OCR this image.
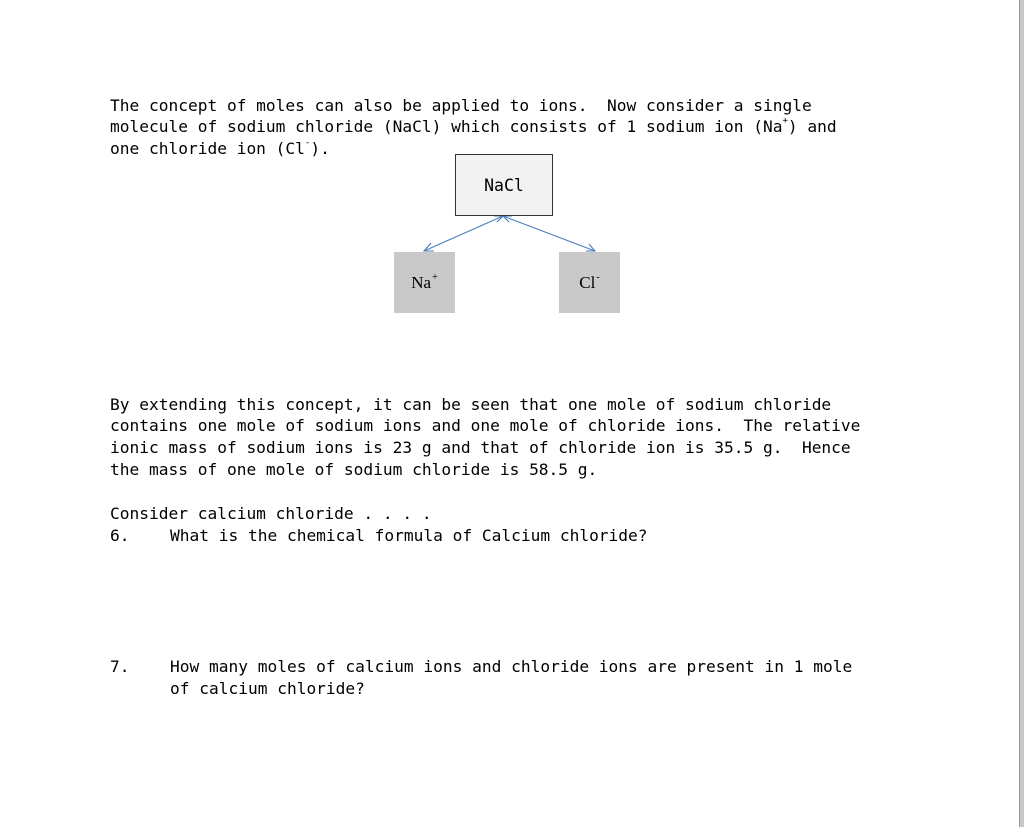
The concept of moles can also be applied to ions.  Now consider a single
molecule of sodium chloride (NaCl) which consists of 1 sodium ion (Na+) and
one chloride ion (Cl-).

NaCl
Na+	Cl-

By extending this concept, it can be seen that one mole of sodium chloride
contains one mole of sodium ions and one mole of chloride ions.  The relative
ionic mass of sodium ions is 23 g and that of chloride ion is 35.5 g.  Hence
the mass of one mole of sodium chloride is 58.5 g.

Consider calcium chloride . . . .

6.

	What is the chemical formula of Calcium chloride?

7.

	How many moles of calcium ions and chloride ions are present in 1 mole

of calcium chloride?
